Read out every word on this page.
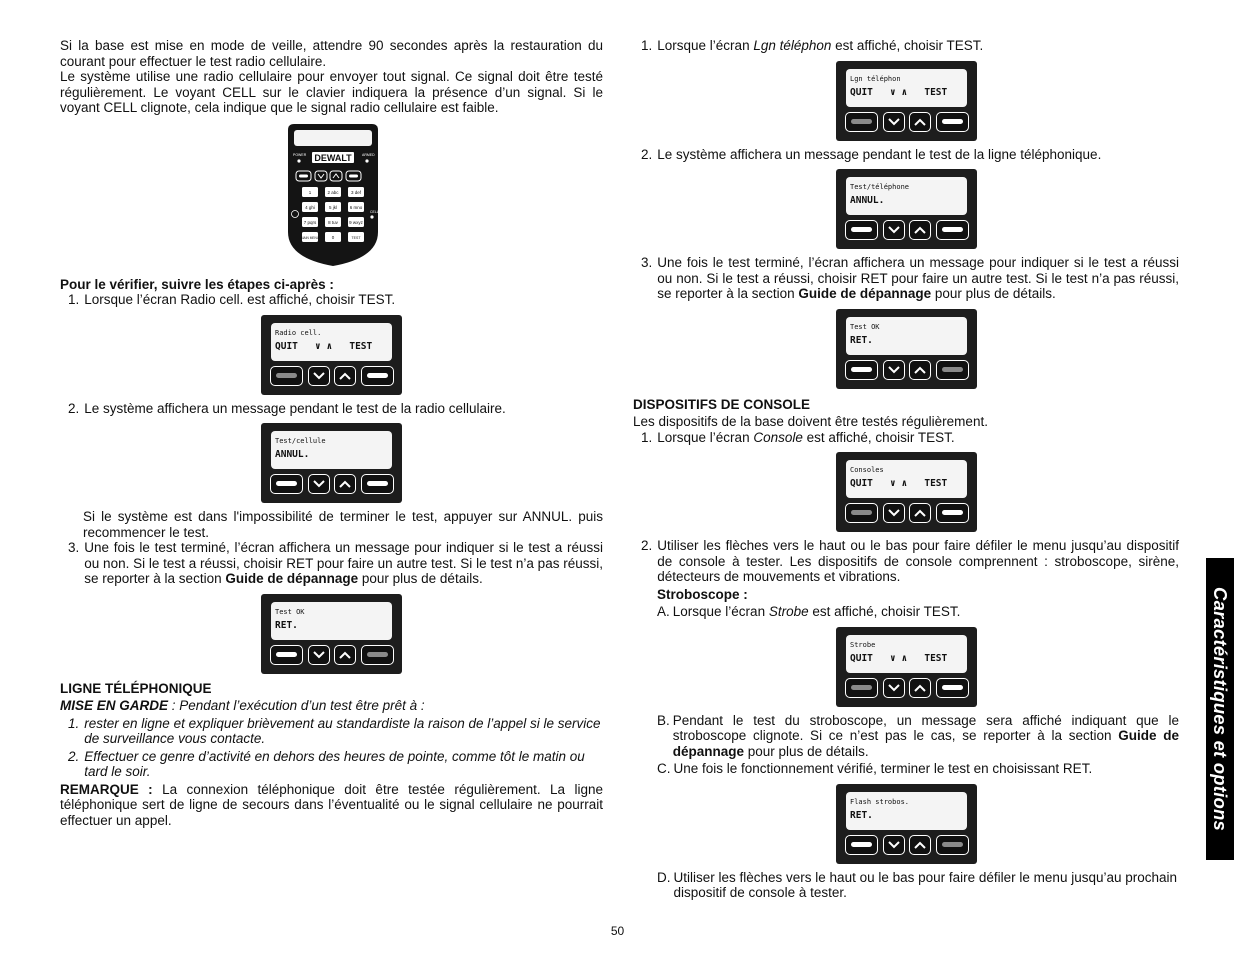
Si la base est mise en mode de veille, attendre 90 secondes après la restauration du courant pour effectuer le test radio cellulaire.

Le système utilise une radio cellulaire pour envoyer tout signal. Ce signal doit être testé régulièrement. Le voyant CELL sur le clavier indiquera la présence d’un signal. Si le voyant CELL clignote, cela indique que le signal radio cellulaire est faible.

DEWALT
POWER	ARMED
CELL
1	2 abc	3 def
4 ghi	5 jkl	6 mno
7 pqrs	8 tuv 9 wxyz
MAIN MENU	0	TEST

Pour le vérifier, suivre les étapes ci-après :

1. Lorsque l’écran Radio cell. est affiché, choisir TEST.
Radio cell.
QUIT   ∨ ∧   TEST
2. Le système affichera un message pendant le test de la radio cellulaire.
Test/cellule
ANNUL.

Si le système est dans l'impossibilité de terminer le test, appuyer sur ANNUL. puis recommencer le test.

3. Une fois le test terminé, l’écran affichera un message pour indiquer si le test a réussi ou non. Si le test a réussi, choisir RET pour faire un autre test. Si le test n’a pas réussi, se reporter à la section Guide de dépannage pour plus de détails.
Test OK
RET.

LIGNE TÉLÉPHONIQUE

MISE EN GARDE : Pendant l’exécution d’un test être prêt à :

1. rester en ligne et expliquer brièvement au standardiste la raison de l’appel si le service de surveillance vous contacte.
2. Effectuer ce genre d’activité en dehors des heures de pointe, comme tôt le matin ou tard le soir.

REMARQUE : La connexion téléphonique doit être testée régulièrement. La ligne téléphonique sert de ligne de secours dans l’éventualité ou le signal cellulaire ne pourrait effectuer un appel.

1. Lorsque l’écran Lgn téléphon est affiché, choisir TEST.
Lgn téléphon
QUIT   ∨ ∧   TEST
2. Le système affichera un message pendant le test de la ligne téléphonique.
Test/téléphone
ANNUL.
3. Une fois le test terminé, l’écran affichera un message pour indiquer si le test a réussi ou non. Si le test a réussi, choisir RET pour faire un autre test. Si le test n’a pas réussi, se reporter à la section Guide de dépannage pour plus de détails.
Test OK
RET.

DISPOSITIFS DE CONSOLE

Les dispositifs de la base doivent être testés régulièrement.

1. Lorsque l’écran Console est affiché, choisir TEST.
Consoles
QUIT   ∨ ∧   TEST
2. Utiliser les flèches vers le haut ou le bas pour faire défiler le menu jusqu’au dispositif de console à tester. Les dispositifs de console comprennent : stroboscope, sirène, détecteurs de mouvements et vibrations.

Stroboscope :

A. Lorsque l’écran Strobe est affiché, choisir TEST.
Strobe
QUIT   ∨ ∧   TEST
B. Pendant le test du stroboscope, un message sera affiché indiquant que le stroboscope clignote. Si ce n’est pas le cas, se reporter à la section Guide de dépannage pour plus de détails.
C. Une fois le fonctionnement vérifié, terminer le test en choisissant RET.
Flash strobos.
RET.
D. Utiliser les flèches vers le haut ou le bas pour faire défiler le menu jusqu’au prochain dispositif de console à tester.
Caractéristiques et options
50
